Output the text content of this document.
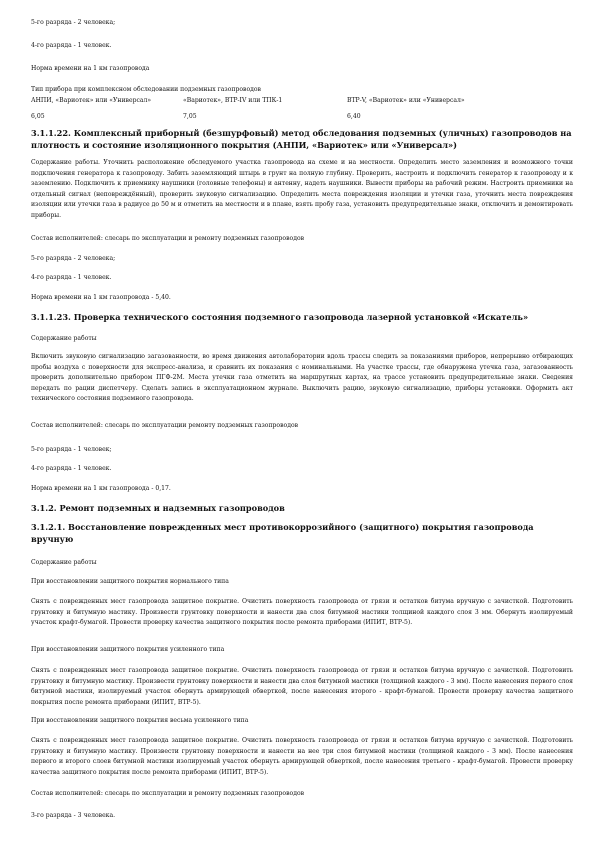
5-го разряда - 2 человека;

4-го разряда - 1 человек.

Норма времени на 1 км газопровода

Тип прибора при комплексном обследовании подземных газопроводов

АНПИ, «Вариотек» или «Универсал»	«Вариотек», ВТР-IV или ТПК-1	ВТР-V, «Вариотек» или «Универсал»
6,05	7,05	6,40

3.1.1.22. Комплексный приборный (безшурфовый) метод обследования подземных (уличных) газопроводов на плотность и состояние изоляционного покрытия (АНПИ, «Вариотек» или «Универсал»)

Содержание работы. Уточнить расположение обследуемого участка газопровода на схеме и на местности. Определить место заземления и возможного точки подключения генератора к газопроводу. Забить заземляющий штырь в грунт на полную глубину. Проверить, настроить и подключить генератор к газопроводу и к заземлению. Подключить к приемнику наушники (головные телефоны) и антенну, надеть наушники. Вывести приборы на рабочий режим. Настроить приемники на отдельный сигнал (неповреждённый), проверить звуковую сигнализацию. Определить места повреждения изоляции и утечки газа, уточнить места повреждения изоляции или утечки газа в радиусе до 50 м и отметить на местности и в плане, взять пробу газа, установить предупредительные знаки, отключить и демонтировать приборы.

Состав исполнителей: слесарь по эксплуатации и ремонту подземных газопроводов

5-го разряда - 2 человека;

4-го разряда - 1 человек.

Норма времени на 1 км газопровода - 5,40.

3.1.1.23. Проверка технического состояния подземного газопровода лазерной установкой «Искатель»

Содержание работы

Включить звуковую сигнализацию загазованности, во время движения автолаборатории вдоль трассы следить за показаниями приборов, непрерывно отбирающих пробы воздуха с поверхности для экспресс-анализа, и сравнить их показания с номинальными. На участке трассы, где обнаружена утечка газа, загазованность проверить дополнительно прибором ПГФ-2М. Места утечки газа отметить на маршрутных картах, на трассе установить предупредительные знаки. Сведения передать по рации диспетчеру. Сделать запись в эксплуатационном журнале. Выключить рацию, звуковую сигнализацию, приборы установки. Оформить акт технического состояния подземного газопровода.

Состав исполнителей: слесарь по эксплуатации ремонту подземных газопроводов

5-го разряда - 1 человек;

4-го разряда - 1 человек.

Норма времени на 1 км газопровода - 0,17.

3.1.2. Ремонт подземных и надземных газопроводов

3.1.2.1. Восстановление поврежденных мест противокоррозийного (защитного) покрытия газопровода вручную

Содержание работы

При восстановлении защитного покрытия нормального типа

Снять с поврежденных мест газопровода защитное покрытие. Очистить поверхность газопровода от грязи и остатков битума вручную с зачисткой. Подготовить грунтовку и битумную мастику. Произвести грунтовку поверхности и нанести два слоя битумной мастики толщиной каждого слоя 3 мм. Обернуть изолируемый участок крафт-бумагой. Провести проверку качества защитного покрытия после ремонта приборами (ИПИТ, ВТР-5).

При восстановлении защитного покрытия усиленного типа

Снять с поврежденных мест газопровода защитное покрытие. Очистить поверхность газопровода от грязи и остатков битума вручную с зачисткой. Подготовить грунтовку и битумную мастику. Произвести грунтовку поверхности и нанести два слоя битумной мастики (толщиной каждого - 3 мм). После нанесения первого слоя битумной мастики, изолируемый участок обернуть армирующей обверткой, после нанесения второго - крафт-бумагой. Провести проверку качества защитного покрытия после ремонта приборами (ИПИТ, ВТР-5).

При восстановлении защитного покрытия весьма усиленного типа

Снять с поврежденных мест газопровода защитное покрытие. Очистить поверхность газопровода от грязи и остатков битума вручную с зачисткой. Подготовить грунтовку и битумную мастику. Произвести грунтовку поверхности и нанести на нее три слоя битумной мастики (толщиной каждого - 3 мм). После нанесения первого и второго слоев битумной мастики изолируемый участок обернуть армирующей обверткой, после нанесения третьего - крафт-бумагой. Провести проверку качества защитного покрытия после ремонта приборами (ИПИТ, ВТР-5).

Состав исполнителей: слесарь по эксплуатации и ремонту подземных газопроводов

3-го разряда - 3 человека.
